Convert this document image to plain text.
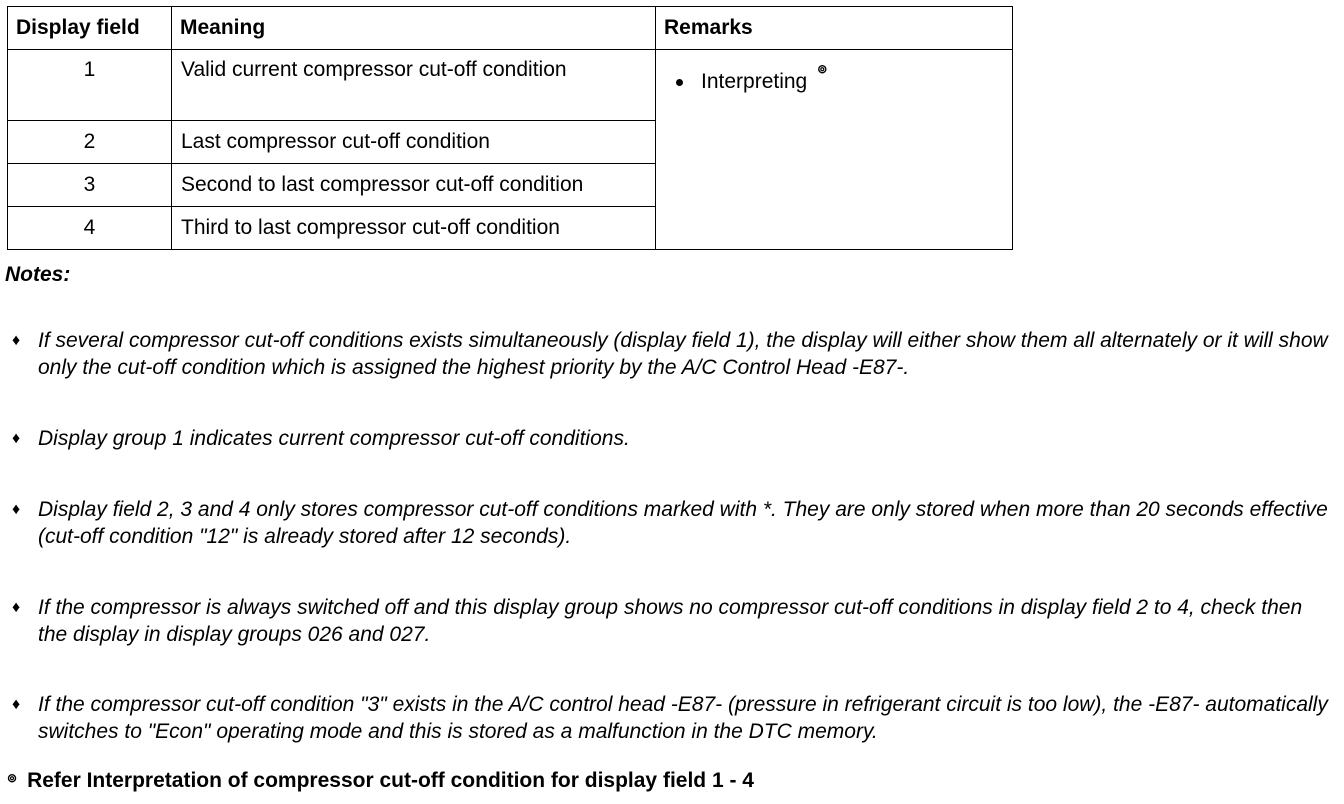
Display field	Meaning	Remarks
1	Valid current compressor cut-off condition	Interpreting
⊚

2	Last compressor cut-off condition	
3	Second to last compressor cut-off condition	
4	Third to last compressor cut-off condition	
Notes:
♦ If several compressor cut-off conditions exists simultaneously (display field 1), the display will either show them all alternately or it will show only the cut-off condition which is assigned the highest priority by the A/C Control Head -E87-.
♦ Display group 1 indicates current compressor cut-off conditions.
♦ Display field 2, 3 and 4 only stores compressor cut-off conditions marked with *. They are only stored when more than 20 seconds effective (cut-off condition "12" is already stored after 12 seconds).
♦ If the compressor is always switched off and this display group shows no compressor cut-off conditions in display field 2 to 4, check then the display in display groups 026 and 027.
♦ If the compressor cut-off condition "3" exists in the A/C control head -E87- (pressure in refrigerant circuit is too low), the -E87- automatically switches to "Econ" operating mode and this is stored as a malfunction in the DTC memory.
⊚ Refer Interpretation of compressor cut-off condition for display field 1 - 4
